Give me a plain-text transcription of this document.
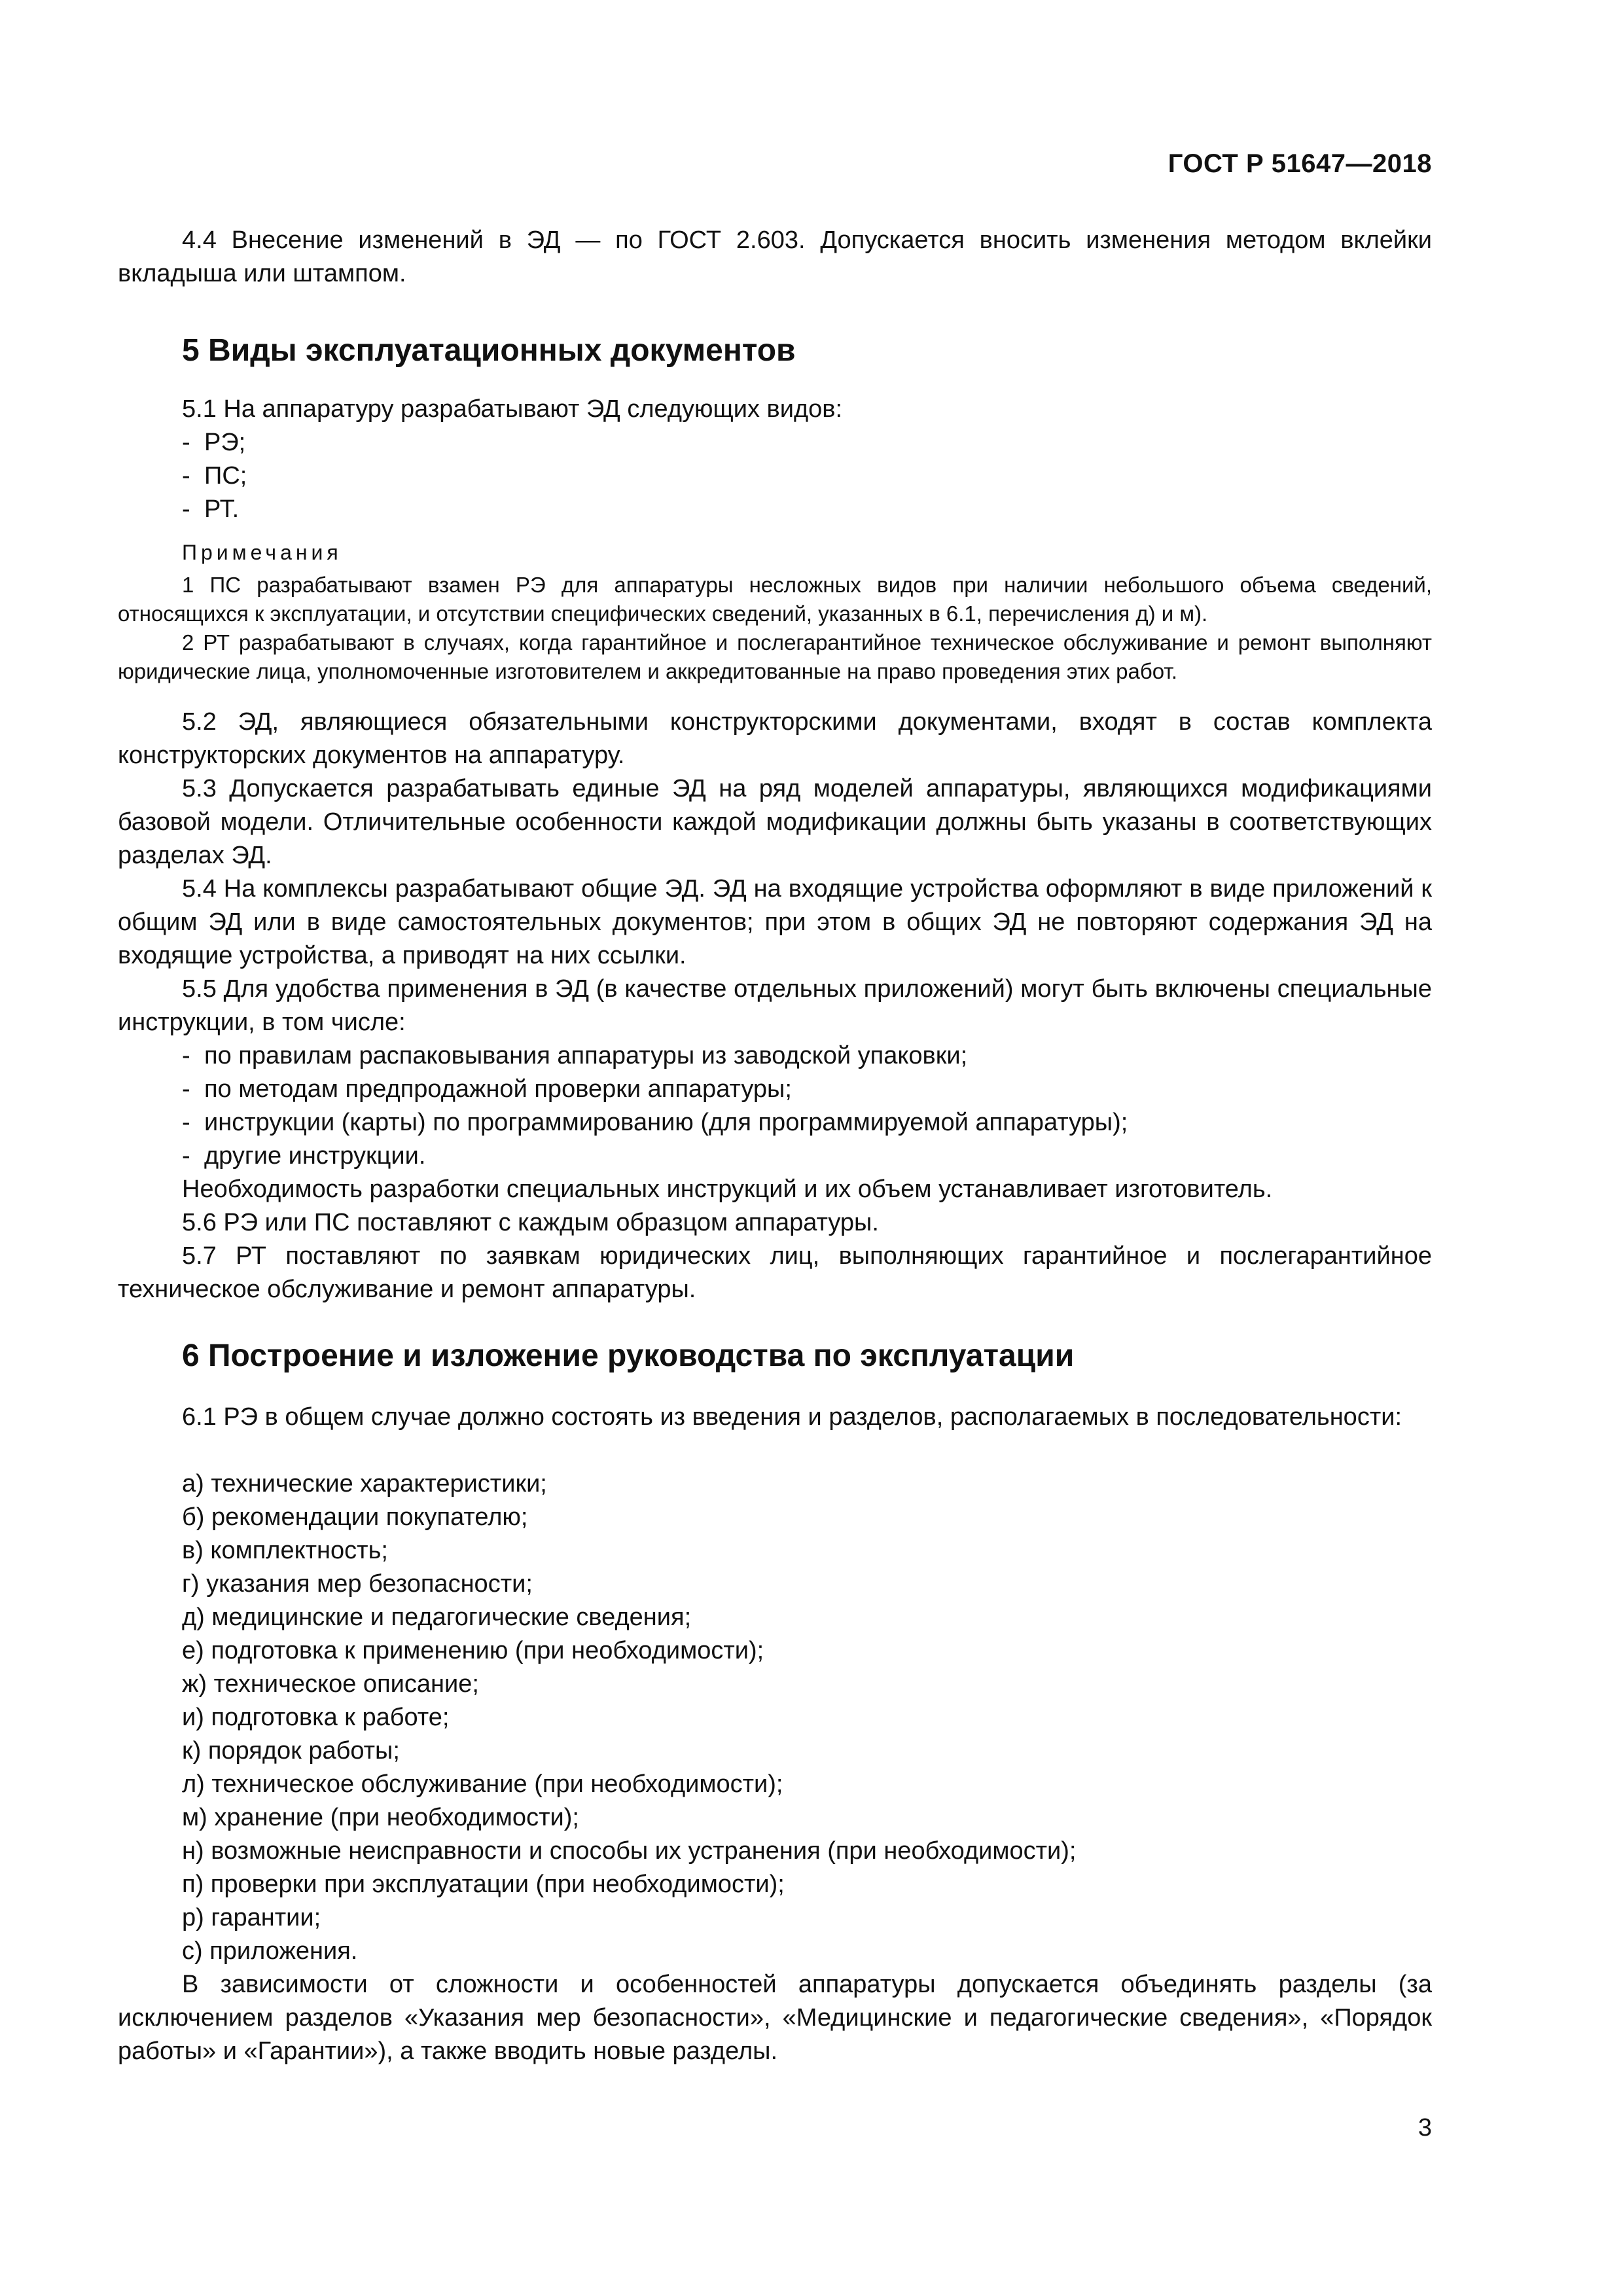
ГОСТ Р 51647—2018
4.4 Внесение изменений в ЭД — по ГОСТ 2.603. Допускается вносить изменения методом вклейки вкладыша или штампом.
5 Виды эксплуатационных документов
5.1 На аппаратуру разрабатывают ЭД следующих видов:
- РЭ;
- ПС;
- РТ.
Примечания
1 ПС разрабатывают взамен РЭ для аппаратуры несложных видов при наличии небольшого объема сведений, относящихся к эксплуатации, и отсутствии специфических сведений, указанных в 6.1, перечисления д) и м).
2 РТ разрабатывают в случаях, когда гарантийное и послегарантийное техническое обслуживание и ремонт выполняют юридические лица, уполномоченные изготовителем и аккредитованные на право проведения этих работ.
5.2 ЭД, являющиеся обязательными конструкторскими документами, входят в состав комплекта конструкторских документов на аппаратуру.
5.3 Допускается разрабатывать единые ЭД на ряд моделей аппаратуры, являющихся модификациями базовой модели. Отличительные особенности каждой модификации должны быть указаны в соответствующих разделах ЭД.
5.4 На комплексы разрабатывают общие ЭД. ЭД на входящие устройства оформляют в виде приложений к общим ЭД или в виде самостоятельных документов; при этом в общих ЭД не повторяют содержания ЭД на входящие устройства, а приводят на них ссылки.
5.5 Для удобства применения в ЭД (в качестве отдельных приложений) могут быть включены специальные инструкции, в том числе:
- по правилам распаковывания аппаратуры из заводской упаковки;
- по методам предпродажной проверки аппаратуры;
- инструкции (карты) по программированию (для программируемой аппаратуры);
- другие инструкции.
Необходимость разработки специальных инструкций и их объем устанавливает изготовитель.
5.6 РЭ или ПС поставляют с каждым образцом аппаратуры.
5.7 РТ поставляют по заявкам юридических лиц, выполняющих гарантийное и послегарантийное техническое обслуживание и ремонт аппаратуры.
6 Построение и изложение руководства по эксплуатации
6.1 РЭ в общем случае должно состоять из введения и разделов, располагаемых в последовательности:
а) технические характеристики;
б) рекомендации покупателю;
в) комплектность;
г) указания мер безопасности;
д) медицинские и педагогические сведения;
е) подготовка к применению (при необходимости);
ж) техническое описание;
и) подготовка к работе;
к) порядок работы;
л) техническое обслуживание (при необходимости);
м) хранение (при необходимости);
н) возможные неисправности и способы их устранения (при необходимости);
п) проверки при эксплуатации (при необходимости);
р) гарантии;
с) приложения.
В зависимости от сложности и особенностей аппаратуры допускается объединять разделы (за исключением разделов «Указания мер безопасности», «Медицинские и педагогические сведения», «Порядок работы» и «Гарантии»), а также вводить новые разделы.
3
